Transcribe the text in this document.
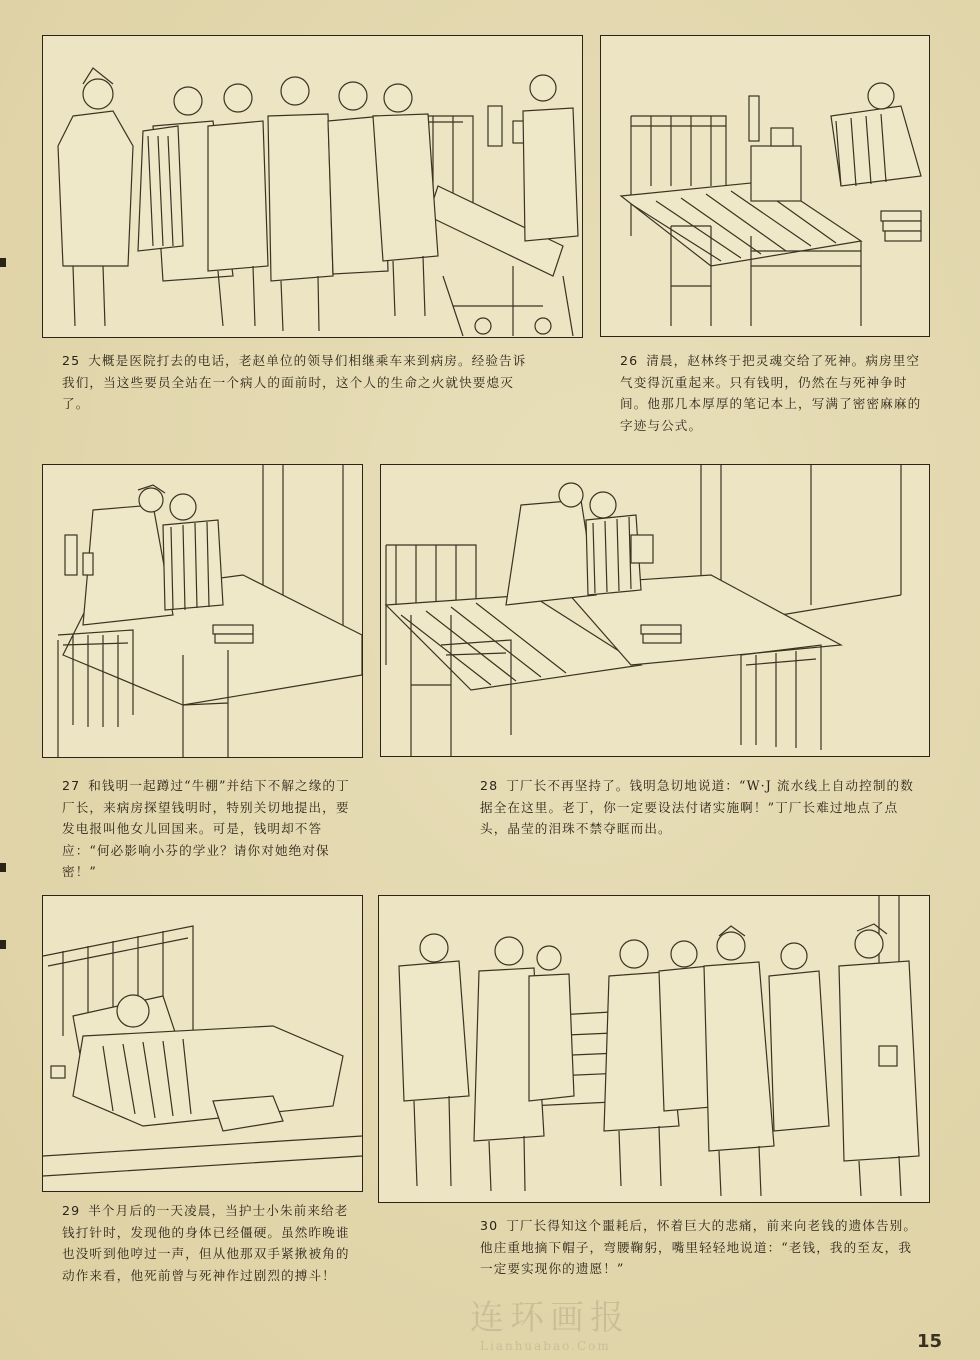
25 大概是医院打去的电话，老赵单位的领导们相继乘车来到病房。经验告诉我们，当这些要员全站在一个病人的面前时，这个人的生命之火就快要熄灭了。
26 清晨，赵林终于把灵魂交给了死神。病房里空气变得沉重起来。只有钱明，仍然在与死神争时间。他那几本厚厚的笔记本上，写满了密密麻麻的字迹与公式。
27 和钱明一起蹲过“牛棚”并结下不解之缘的丁厂长，来病房探望钱明时，特别关切地提出，要发电报叫他女儿回国来。可是，钱明却不答应：“何必影响小芬的学业？请你对她绝对保密！”
28 丁厂长不再坚持了。钱明急切地说道：“W·J 流水线上自动控制的数据全在这里。老丁，你一定要设法付诸实施啊！”丁厂长难过地点了点头，晶莹的泪珠不禁夺眶而出。
29 半个月后的一天凌晨，当护士小朱前来给老钱打针时，发现他的身体已经僵硬。虽然昨晚谁也没听到他哼过一声，但从他那双手紧揪被角的动作来看，他死前曾与死神作过剧烈的搏斗！
30 丁厂长得知这个噩耗后，怀着巨大的悲痛，前来向老钱的遗体告别。他庄重地摘下帽子，弯腰鞠躬，嘴里轻轻地说道：“老钱，我的至友，我一定要实现你的遗愿！”
连环画报
Lianhuabao.Com	15
